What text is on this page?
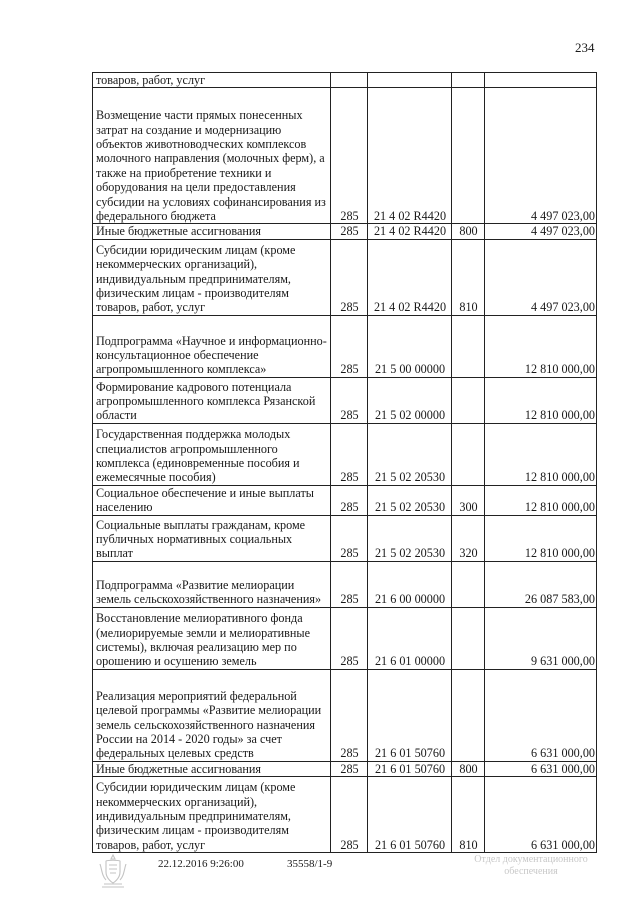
234
товаров, работ, услуг				
Возмещение части прямых понесенных затрат на создание и модернизацию объектов животноводческих комплексов молочного направления (молочных ферм), а также на приобретение техники и оборудования на цели предоставления субсидии на условиях софинансирования из федерального бюджета	285	21 4 02 R4420		4 497 023,00
Иные бюджетные ассигнования	285	21 4 02 R4420	800	4 497 023,00
Субсидии юридическим лицам (кроме некоммерческих организаций), индивидуальным предпринимателям, физическим лицам - производителям товаров, работ, услуг	285	21 4 02 R4420	810	4 497 023,00
Подпрограмма «Научное и информационно-консультационное обеспечение агропромышленного комплекса»	285	21 5 00 00000		12 810 000,00
Формирование кадрового потенциала агропромышленного комплекса Рязанской области	285	21 5 02 00000		12 810 000,00
Государственная поддержка молодых специалистов агропромышленного комплекса (единовременные пособия и ежемесячные пособия)	285	21 5 02 20530		12 810 000,00
Социальное обеспечение и иные выплаты населению	285	21 5 02 20530	300	12 810 000,00
Социальные выплаты гражданам, кроме публичных нормативных социальных выплат	285	21 5 02 20530	320	12 810 000,00
Подпрограмма «Развитие мелиорации земель сельскохозяйственного назначения»	285	21 6 00 00000		26 087 583,00
Восстановление мелиоративного фонда (мелиорируемые земли и мелиоративные системы), включая реализацию мер по орошению и осушению земель	285	21 6 01 00000		9 631 000,00
Реализация мероприятий федеральной целевой программы «Развитие мелиорации земель сельскохозяйственного назначения России на 2014 - 2020 годы» за счет федеральных целевых средств	285	21 6 01 50760		6 631 000,00
Иные бюджетные ассигнования	285	21 6 01 50760	800	6 631 000,00
Субсидии юридическим лицам (кроме некоммерческих организаций), индивидуальным предпринимателям, физическим лицам - производителям товаров, работ, услуг	285	21 6 01 50760	810	6 631 000,00
22.12.2016 9:26:00	35558/1-9	Отдел документационного
обеспечения
